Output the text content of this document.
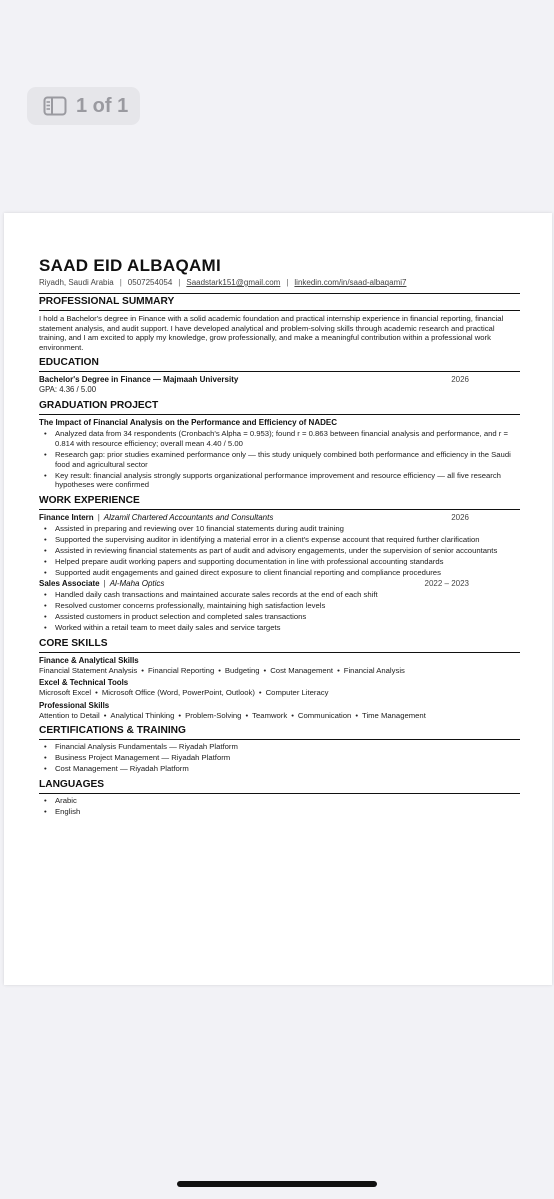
1 of 1
SAAD EID ALBAQAMI
Riyadh, Saudi Arabia | 0507254054 | Saadstark151@gmail.com | linkedin.com/in/saad-albaqami7
PROFESSIONAL SUMMARY
I hold a Bachelor's degree in Finance with a solid academic foundation and practical internship experience in financial reporting, financial statement analysis, and audit support. I have developed analytical and problem-solving skills through academic research and practical training, and I am excited to apply my knowledge, grow professionally, and make a meaningful contribution within a professional work environment.
EDUCATION
Bachelor's Degree in Finance — Majmaah University	2026
GPA: 4.36 / 5.00
GRADUATION PROJECT
The Impact of Financial Analysis on the Performance and Efficiency of NADEC
• Analyzed data from 34 respondents (Cronbach's Alpha = 0.953); found r = 0.863 between financial analysis and performance, and r = 0.814 with resource efficiency; overall mean 4.40 / 5.00
• Research gap: prior studies examined performance only — this study uniquely combined both performance and efficiency in the Saudi food and agricultural sector
• Key result: financial analysis strongly supports organizational performance improvement and resource efficiency — all five research hypotheses were confirmed
WORK EXPERIENCE
Finance Intern | Alzamil Chartered Accountants and Consultants	2026
• Assisted in preparing and reviewing over 10 financial statements during audit training
• Supported the supervising auditor in identifying a material error in a client's expense account that required further clarification
• Assisted in reviewing financial statements as part of audit and advisory engagements, under the supervision of senior accountants
• Helped prepare audit working papers and supporting documentation in line with professional accounting standards
• Supported audit engagements and gained direct exposure to client financial reporting and compliance procedures
Sales Associate | Al-Maha Optics	2022 – 2023
• Handled daily cash transactions and maintained accurate sales records at the end of each shift
• Resolved customer concerns professionally, maintaining high satisfaction levels
• Assisted customers in product selection and completed sales transactions
• Worked within a retail team to meet daily sales and service targets
CORE SKILLS
Finance & Analytical Skills
Financial Statement Analysis • Financial Reporting • Budgeting • Cost Management • Financial Analysis
Excel & Technical Tools
Microsoft Excel • Microsoft Office (Word, PowerPoint, Outlook) • Computer Literacy
Professional Skills
Attention to Detail • Analytical Thinking • Problem-Solving • Teamwork • Communication • Time Management
CERTIFICATIONS & TRAINING
• Financial Analysis Fundamentals — Riyadah Platform
• Business Project Management — Riyadah Platform
• Cost Management — Riyadah Platform
LANGUAGES
• Arabic
• English
